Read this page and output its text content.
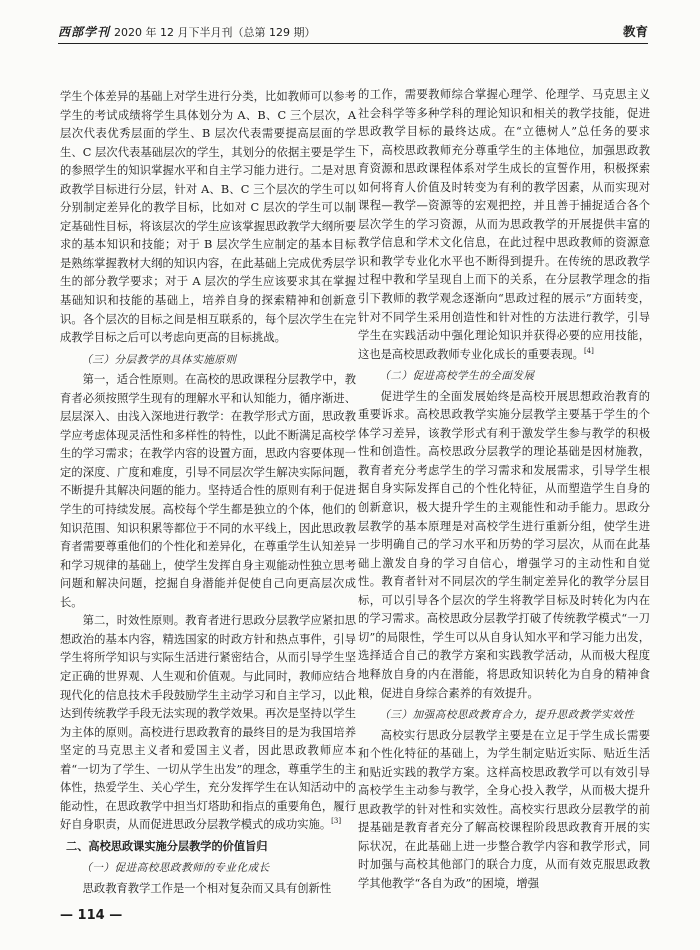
西部学刊 2020 年 12 月下半月刊（总第 129 期）	教育

学生个体差异的基础上对学生进行分类，比如教师可以参考学生的考试成绩将学生具体划分为 A、B、C 三个层次，A 层次代表优秀层面的学生、B 层次代表需要提高层面的学生、C 层次代表基础层次的学生，其划分的依据主要是学生的参照学生的知识掌握水平和自主学习能力进行。二是对思政教学目标进行分层，针对 A、B、C 三个层次的学生可以分别制定差异化的教学目标，比如对 C 层次的学生可以制定基础性目标，将该层次的学生应该掌握思政教学大纲所要求的基本知识和技能；对于 B 层次学生应制定的基本目标是熟练掌握教材大纲的知识内容，在此基础上完成优秀层学生的部分教学要求；对于 A 层次的学生应该要求其在掌握基础知识和技能的基础上，培养自身的探索精神和创新意识。各个层次的目标之间是相互联系的，每个层次学生在完成教学目标之后可以考虑向更高的目标挑战。

（三）分层教学的具体实施原则

第一，适合性原则。在高校的思政课程分层教学中，教育者必须按照学生现有的理解水平和认知能力，循序渐进、层层深入、由浅入深地进行教学：在教学形式方面，思政教学应考虑体现灵活性和多样性的特性，以此不断满足高校学生的学习需求；在教学内容的设置方面，思政内容要体现一定的深度、广度和难度，引导不同层次学生解决实际问题，不断提升其解决问题的能力。坚持适合性的原则有利于促进学生的可持续发展。高校每个学生都是独立的个体，他们的知识范围、知识积累等都位于不同的水平线上，因此思政教育者需要尊重他们的个性化和差异化，在尊重学生认知差异和学习规律的基础上，使学生发挥自身主观能动性独立思考问题和解决问题，挖掘自身潜能并促使自己向更高层次成长。

第二，时效性原则。教育者进行思政分层教学应紧扣思想政治的基本内容，精选国家的时政方针和热点事件，引导学生将所学知识与实际生活进行紧密结合，从而引导学生坚定正确的世界观、人生观和价值观。与此同时，教师应结合现代化的信息技术手段鼓励学生主动学习和自主学习，以此达到传统教学手段无法实现的教学效果。再次是坚持以学生为主体的原则。高校进行思政教育的最终目的是为我国培养坚定的马克思主义者和爱国主义者，因此思政教师应本着“一切为了学生、一切从学生出发”的理念，尊重学生的主体性，热爱学生、关心学生，充分发挥学生在认知活动中的能动性，在思政教学中担当灯塔助和指点的重要角色，履行好自身职责，从而促进思政分层教学模式的成功实施。[3]

二、高校思政课实施分层教学的价值旨归
（一）促进高校思政教师的专业化成长

思政教育教学工作是一个相对复杂而又具有创新性

的工作，需要教师综合掌握心理学、伦理学、马克思主义社会科学等多种学科的理论知识和相关的教学技能，促进思政教学目标的最终达成。在“立德树人”总任务的要求下，高校思政教师充分尊重学生的主体地位，加强思政教育资源和思政课程体系对学生成长的宣誓作用，积极探索如何将育人价值及时转变为有利的教学因素，从而实现对课程—教学—资源等的宏观把控，并且善于捕捉适合各个层次学生的学习资源，从而为思政教学的开展提供丰富的教学信息和学术文化信息，在此过程中思政教师的资源意识和教学专业化水平也不断得到提升。在传统的思政教学过程中教和学呈现自上而下的关系，在分层教学理念的指引下教师的教学观念逐渐向“思政过程的展示”方面转变，针对不同学生采用创造性和针对性的方法进行教学，引导学生在实践活动中强化理论知识并获得必要的应用技能，这也是高校思政教师专业化成长的重要表现。[4]

（二）促进高校学生的全面发展

促进学生的全面发展始终是高校开展思想政治教育的重要诉求。高校思政教学实施分层教学主要基于学生的个体学习差异，该教学形式有利于激发学生参与教学的积极性和创造性。高校思政分层教学的理论基础是因材施教，教育者充分考虑学生的学习需求和发展需求，引导学生根据自身实际发挥自己的个性化特征，从而塑造学生自身的创新意识，极大提升学生的主观能性和动手能力。思政分层教学的基本原理是对高校学生进行重新分组，使学生进一步明确自己的学习水平和历势的学习层次，从而在此基础上激发自身的学习自信心，增强学习的主动性和自觉性。教育者针对不同层次的学生制定差异化的教学分层目标，可以引导各个层次的学生将教学目标及时转化为内在的学习需求。高校思政分层教学打破了传统教学模式“一刀切”的局限性，学生可以从自身认知水平和学习能力出发，选择适合自己的教学方案和实践教学活动，从而极大程度地释放自身的内在潜能，将思政知识转化为自身的精神食粮，促进自身综合素养的有效提升。

（三）加强高校思政教育合力，提升思政教学实效性

高校实行思政分层教学主要是在立足于学生成长需要和个性化特征的基础上，为学生制定贴近实际、贴近生活和贴近实践的教学方案。这样高校思政教学可以有效引导高校学生主动参与教学，全身心投入教学，从而极大提升思政教学的针对性和实效性。高校实行思政分层教学的前提基础是教育者充分了解高校课程阶段思政教育开展的实际状况，在此基础上进一步整合教学内容和教学形式，同时加强与高校其他部门的联合力度，从而有效克服思政教学其他教学“各自为政”的困境，增强

— 114 —
